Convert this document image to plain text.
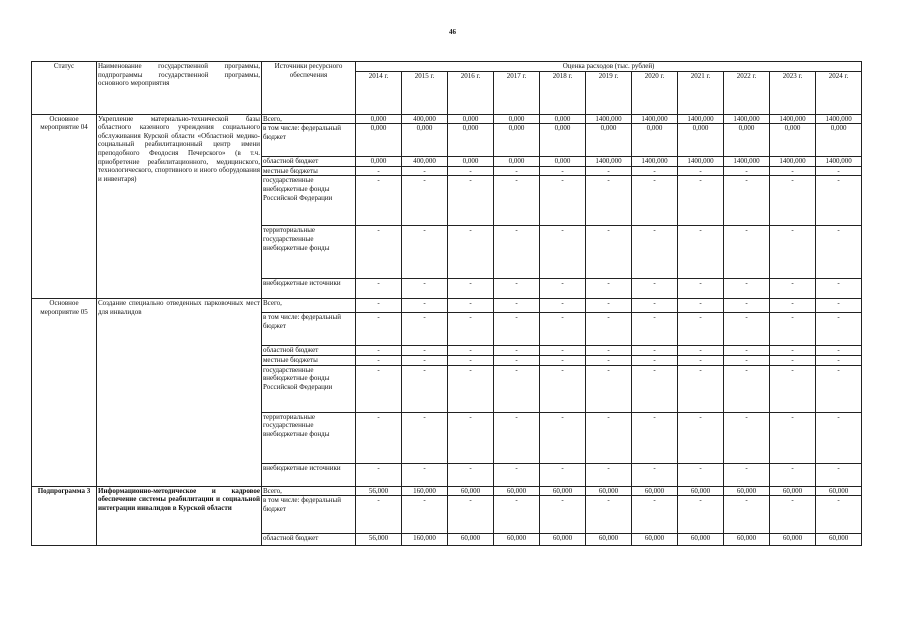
46
Статус	Наименование государственной программы, подпрограммы государственной программы, основного мероприятия	Источники ресурсного обеспечения	Оценка расходов (тыс. рублей)										
			2014 г.	2015 г.	2016 г.	2017 г.	2018 г.	2019 г.	2020 г.	2021 г.	2022 г.	2023 г.	2024 г.
Основное мероприятие 04	Укрепление материально-технической базы областного казенного учреждения социального обслуживания Курской области «Областной медико-социальный реабилитационный центр имени преподобного Феодосия Печерского» (в т.ч. приобретение реабилитационного, медицинского, технологического, спортивного и иного оборудования и инвентаря)	Всего,	0,000	400,000	0,000	0,000	0,000	1400,000	1400,000	1400,000	1400,000	1400,000	1400,000
		в том числе: федеральный бюджет	0,000	0,000	0,000	0,000	0,000	0,000	0,000	0,000	0,000	0,000	0,000
		областной бюджет	0,000	400,000	0,000	0,000	0,000	1400,000	1400,000	1400,000	1400,000	1400,000	1400,000
		местные бюджеты	-	-	-	-	-	-	-	-	-	-	-
		государственные внебюджетные фонды Российской Федерации	-	-	-	-	-	-	-	-	-	-	-
		территориальные государственные внебюджетные фонды	-	-	-	-	-	-	-	-	-	-	-
		внебюджетные источники	-	-	-	-	-	-	-	-	-	-	-
Основное мероприятие 05	Создание специально отведенных парковочных мест для инвалидов	Всего,	-	-	-	-	-	-	-	-	-	-	-
		в том числе: федеральный бюджет	-	-	-	-	-	-	-	-	-	-	-
		областной бюджет	-	-	-	-	-	-	-	-	-	-	-
		местные бюджеты	-	-	-	-	-	-	-	-	-	-	-
		государственные внебюджетные фонды Российской Федерации	-	-	-	-	-	-	-	-	-	-	-
		территориальные государственные внебюджетные фонды	-	-	-	-	-	-	-	-	-	-	-
		внебюджетные источники	-	-	-	-	-	-	-	-	-	-	-
Подпрограмма 3	Информационно-методическое и кадровое обеспечение системы реабилитации и социальной интеграции инвалидов в Курской области	Всего,	56,000	160,000	60,000	60,000	60,000	60,000	60,000	60,000	60,000	60,000	60,000
		в том числе: федеральный бюджет	-	-	-	-	-	-	-	-	-	-	-
		областной бюджет	56,000	160,000	60,000	60,000	60,000	60,000	60,000	60,000	60,000	60,000	60,000
